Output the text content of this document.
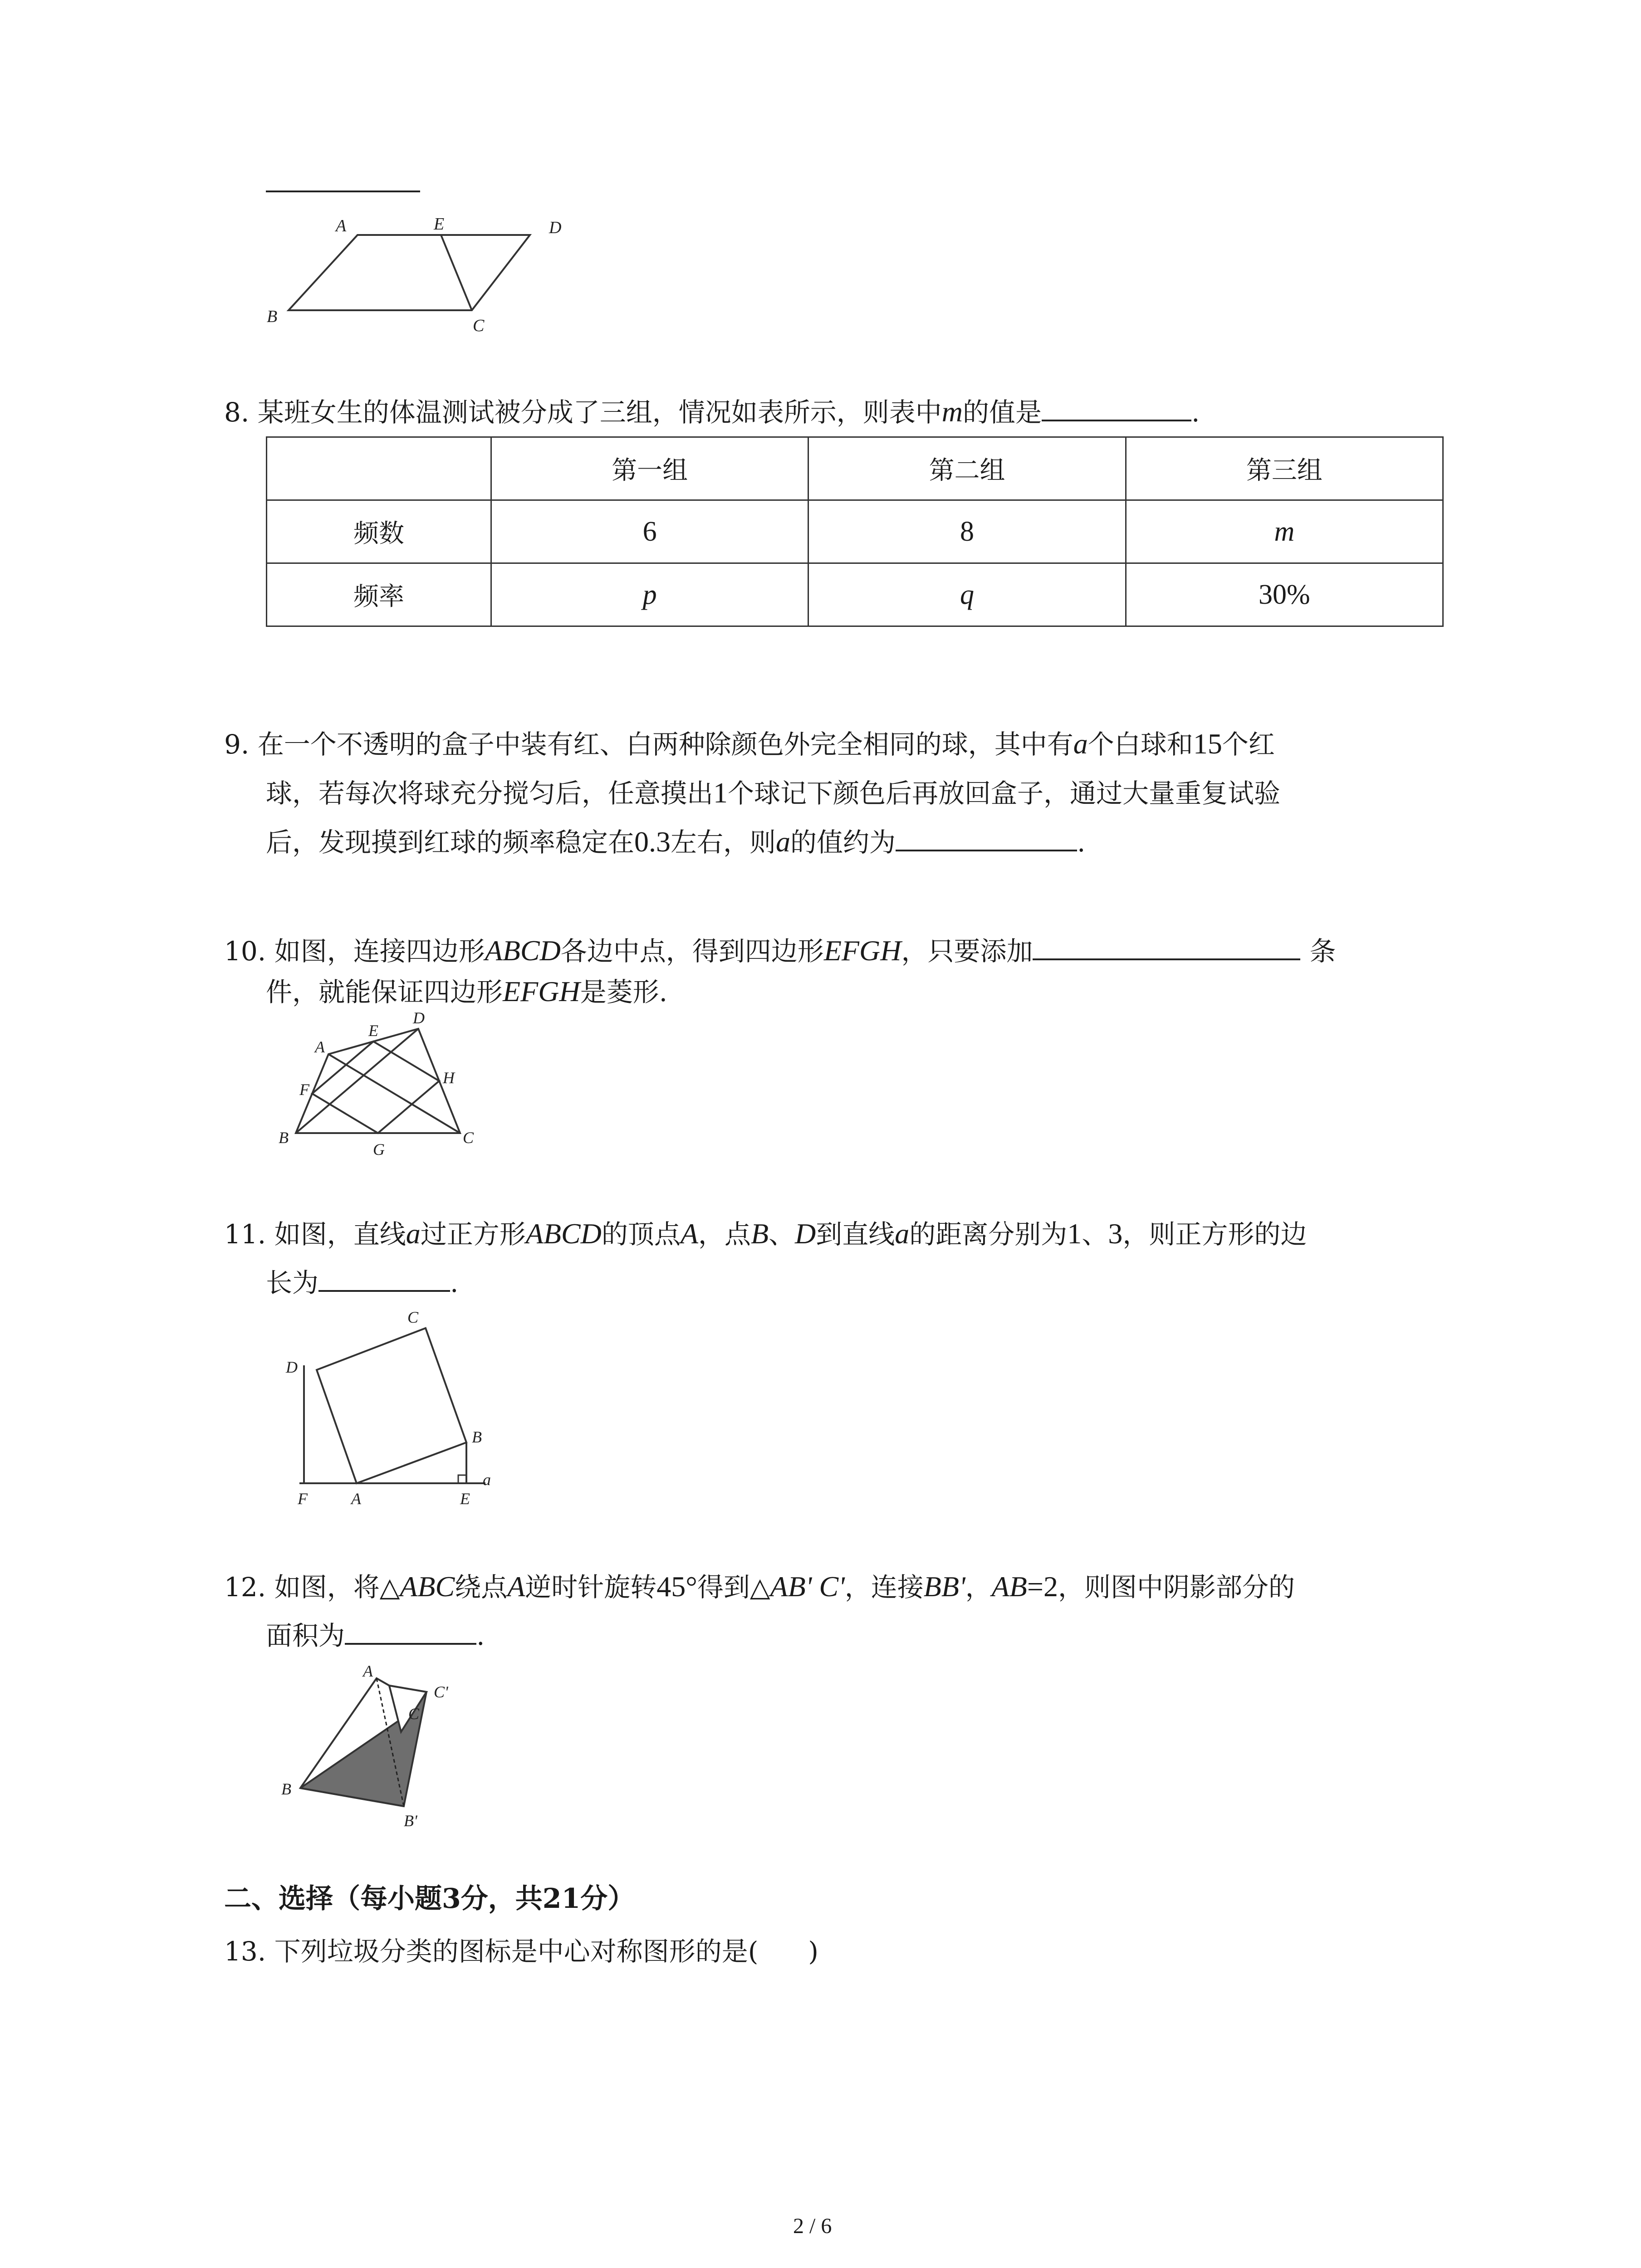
A	E	D
B	C
8. 某班女生的体温测试被分成了三组，情况如表所示，则表中m的值是	.
	第一组	第二组	第三组
频数	6	8	m
频率	p	q	30%
9. 在一个不透明的盒子中装有红、白两种除颜色外完全相同的球，其中有a个白球和15个红
球，若每次将球充分搅匀后，任意摸出1个球记下颜色后再放回盒子，通过大量重复试验
后，发现摸到红球的频率稳定在0.3左右，则a的值约为	.
10. 如图，连接四边形ABCD各边中点，得到四边形EFGH，只要添加	条
件，就能保证四边形EFGH是菱形.
A
E
D
F
H
B
G
C
11. 如图，直线a过正方形ABCD的顶点A，点B、D到直线a的距离分别为1、3，则正方形的边
长为	.
C
D
B
F	A	E
a
12. 如图，将△ABC绕点A逆时针旋转45°得到△AB' C'，连接BB'，AB=2，则图中阴影部分的
面积为	.
A
C'
C
B
B'
二、选择（每小题3分，共21分）
13. 下列垃圾分类的图标是中心对称图形的是( )
2 / 6
